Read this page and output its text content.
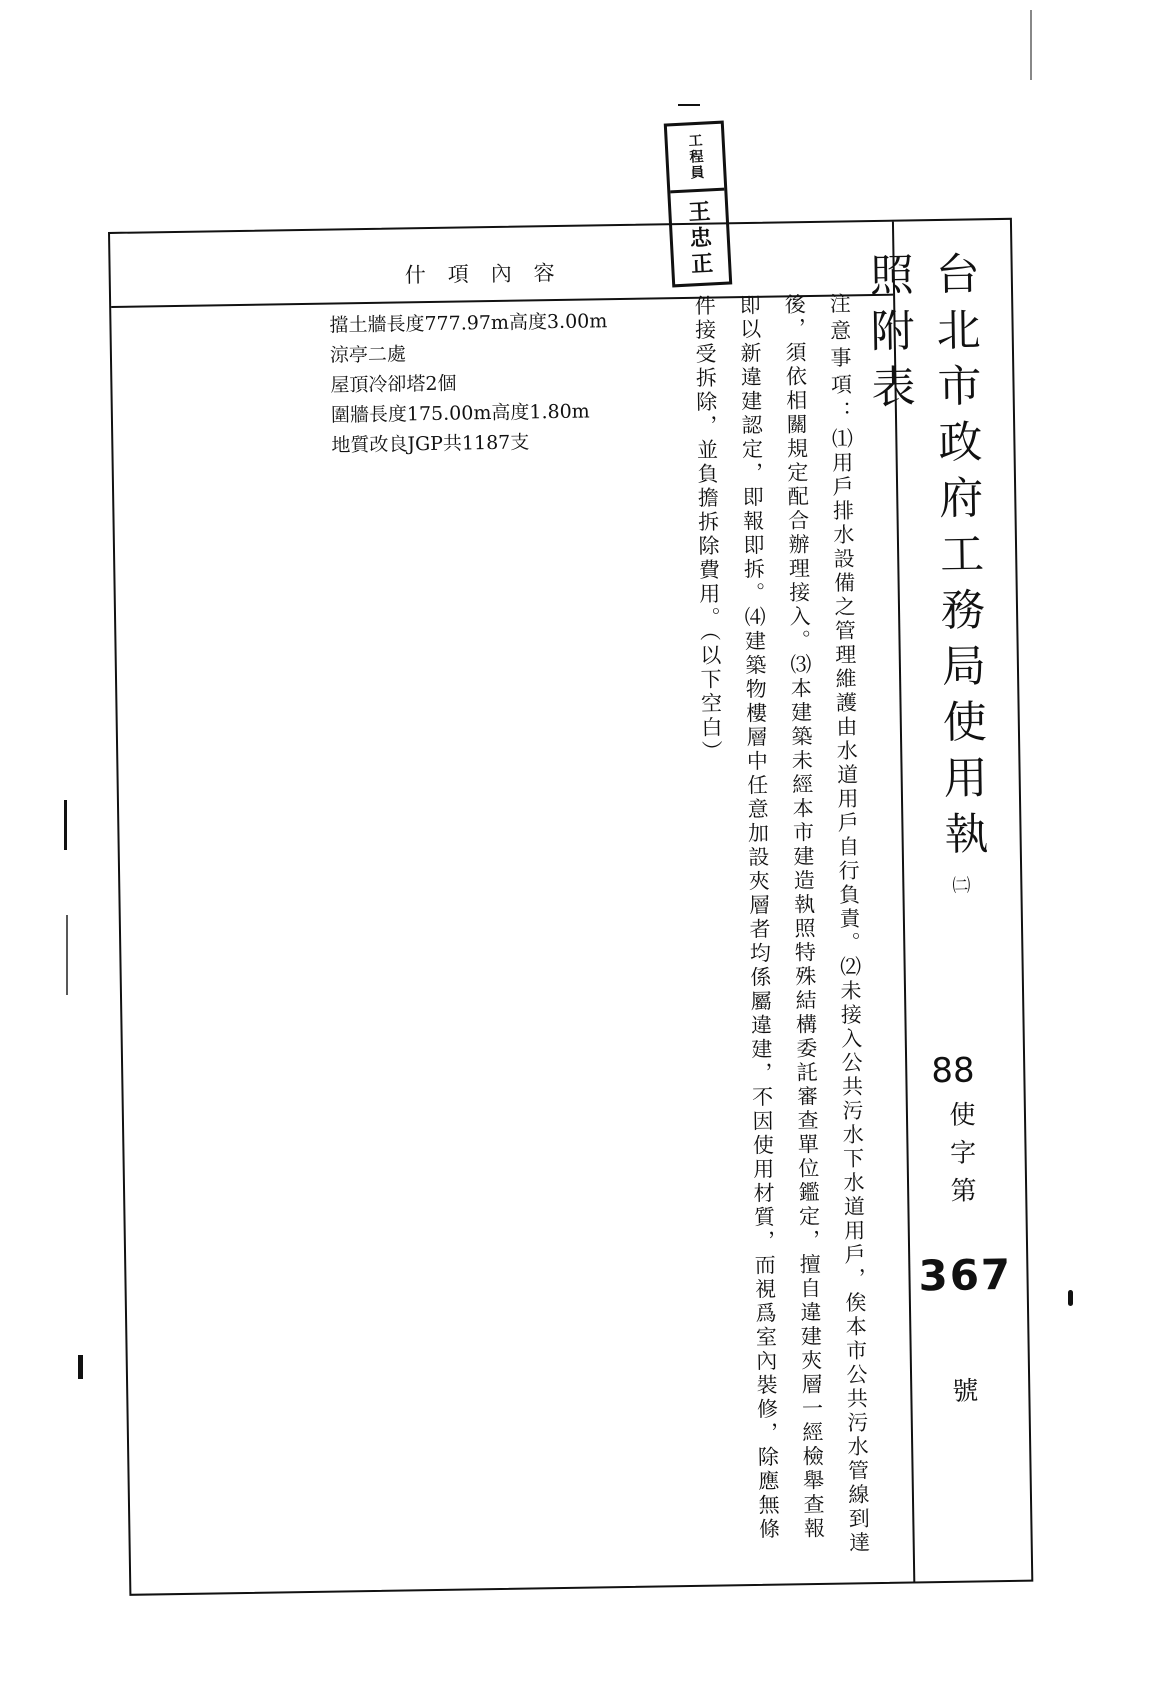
工程員
王忠正
什項內容
擋土牆長度777.97m高度3.00m
涼亭二處
屋頂冷卻塔2個
圍牆長度175.00m高度1.80m
地質改良JGP共1187支
注意事項：⑴用戶排水設備之管理維護由水道用戶自行負責。⑵未接入公共污水下水道用戶，俟本市公共污水管線到達後，須依相關規定配合辦理接入。⑶本建築未經本市建造執照特殊結構委託審查單位鑑定，擅自違建夾層一經檢舉查報即以新違建認定，即報即拆。⑷建築物樓層中任意加設夾層者均係屬違建，不因使用材質，而視爲室內裝修，除應無條件接受拆除，並負擔拆除費用。（以下空白）	台北市政府工務局使用執照附表
㈡
88
使字第
367
號
